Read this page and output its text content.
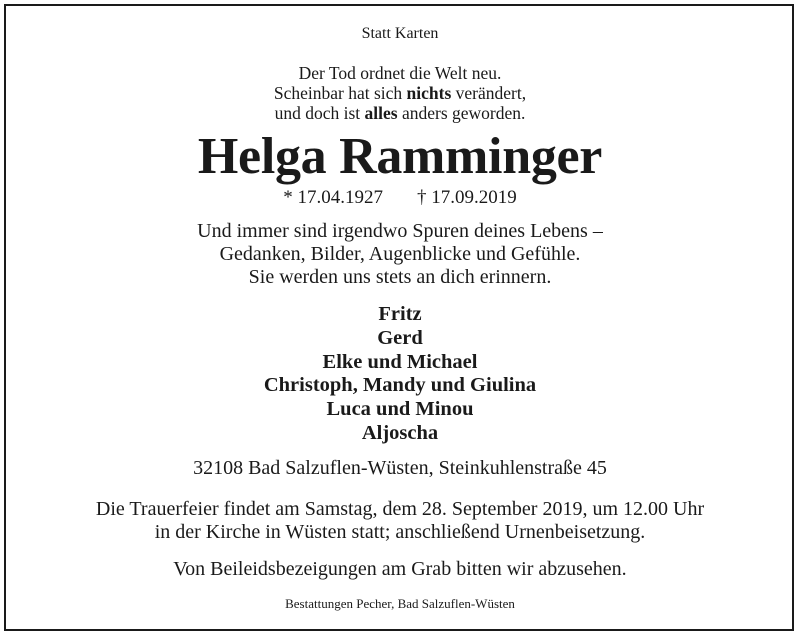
Statt Karten
Der Tod ordnet die Welt neu.
Scheinbar hat sich nichts verändert,
und doch ist alles anders geworden.
Helga Ramminger
* 17.04.1927 † 17.09.2019
Und immer sind irgendwo Spuren deines Lebens –
Gedanken, Bilder, Augenblicke und Gefühle.
Sie werden uns stets an dich erinnern.
Fritz
Gerd
Elke und Michael
Christoph, Mandy und Giulina
Luca und Minou
Aljoscha
32108 Bad Salzuflen-Wüsten, Steinkuhlenstraße 45
Die Trauerfeier findet am Samstag, dem 28. September 2019, um 12.00 Uhr
in der Kirche in Wüsten statt; anschließend Urnenbeisetzung.
Von Beileidsbezeigungen am Grab bitten wir abzusehen.
Bestattungen Pecher, Bad Salzuflen-Wüsten
